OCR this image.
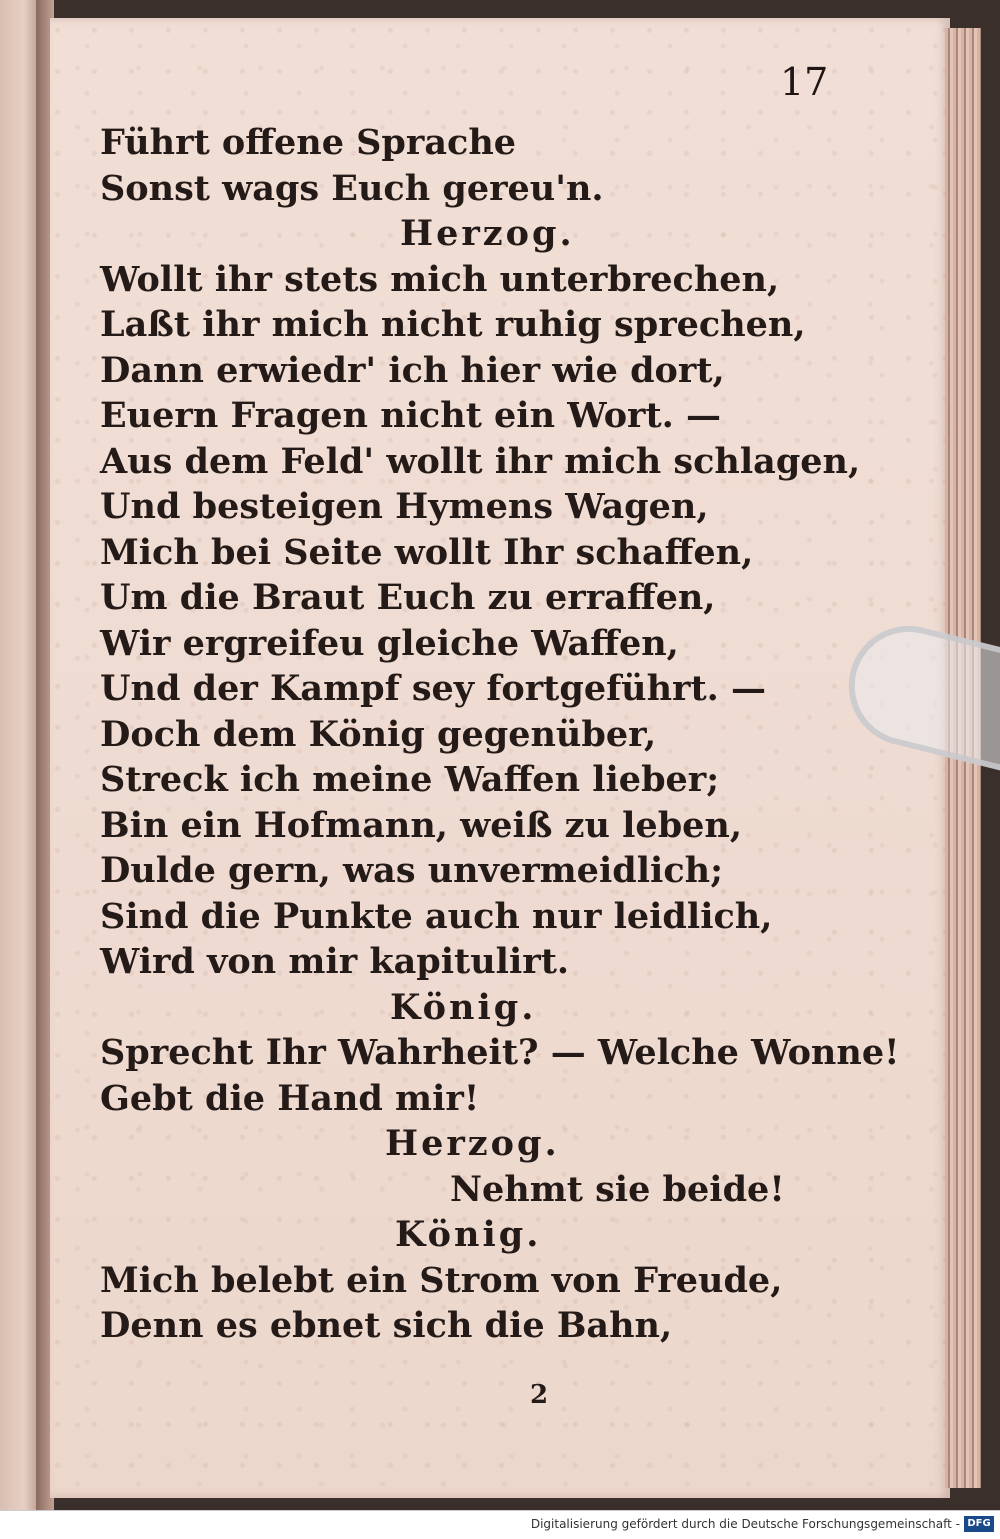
17
Führt offene Sprache
Sonst wags Euch gereu'n.
Herzog.
Wollt ihr stets mich unterbrechen,
Laßt ihr mich nicht ruhig sprechen,
Dann erwiedr' ich hier wie dort,
Euern Fragen nicht ein Wort. —
Aus dem Feld' wollt ihr mich schlagen,
Und besteigen Hymens Wagen,
Mich bei Seite wollt Ihr schaffen,
Um die Braut Euch zu erraffen,
Wir ergreifeu gleiche Waffen,
Und der Kampf sey fortgeführt. —
Doch dem König gegenüber,
Streck ich meine Waffen lieber;
Bin ein Hofmann, weiß zu leben,
Dulde gern, was unvermeidlich;
Sind die Punkte auch nur leidlich,
Wird von mir kapitulirt.
König.
Sprecht Ihr Wahrheit? — Welche Wonne!
Gebt die Hand mir!
Herzog.
Nehmt sie beide!
König.
Mich belebt ein Strom von Freude,
Denn es ebnet sich die Bahn,
2
Digitalisierung gefördert durch die Deutsche Forschungsgemeinschaft - DFG
